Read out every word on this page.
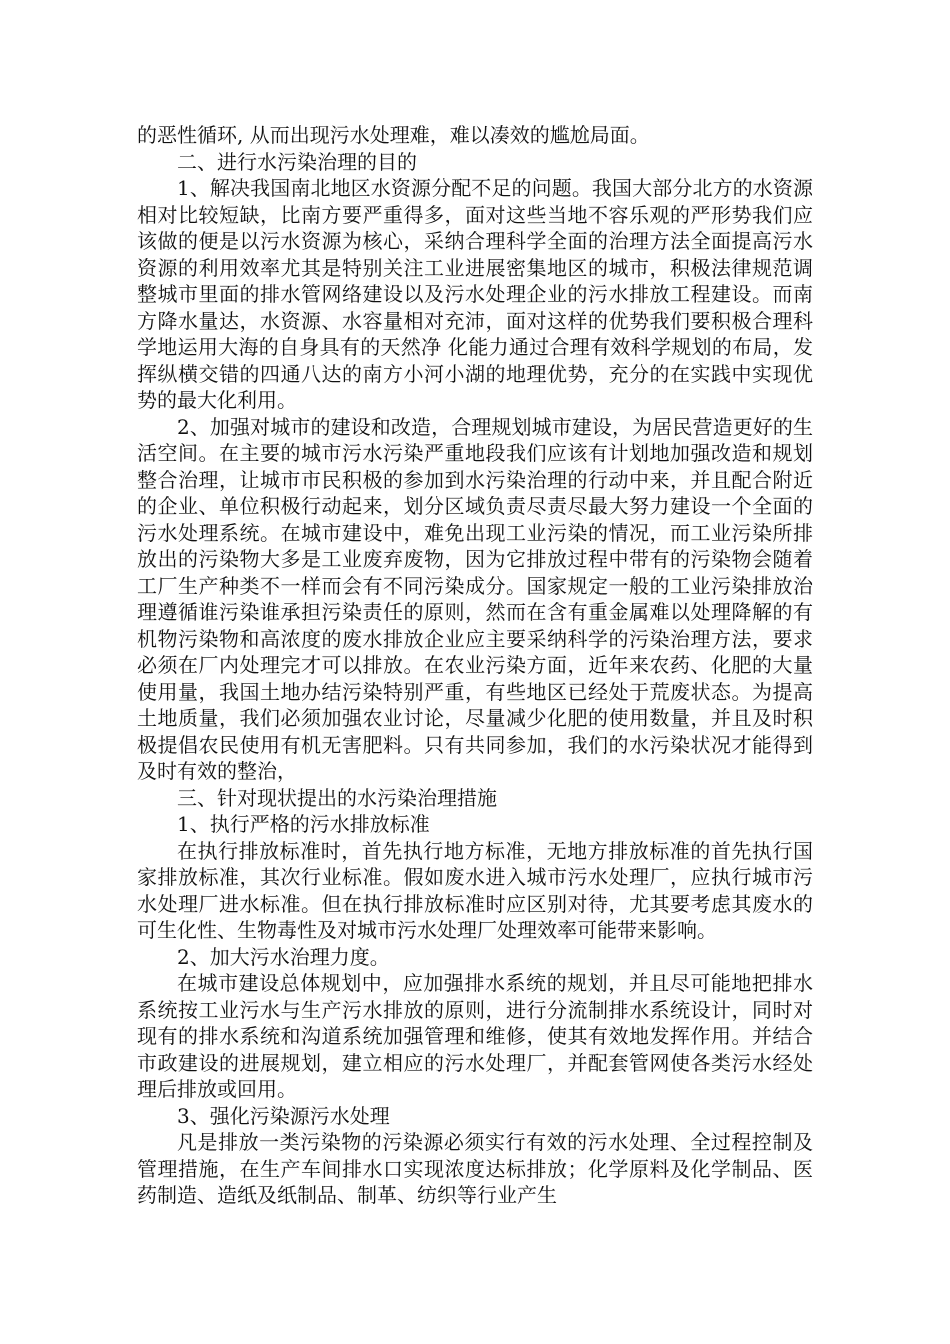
的恶性循环, 从而出现污水处理难，难以凑效的尴尬局面。

二、进行水污染治理的目的

1、解决我国南北地区水资源分配不足的问题。我国大部分北方的水资源相对比较短缺，比南方要严重得多，面对这些当地不容乐观的严形势我们应该做的便是以污水资源为核心，采纳合理科学全面的治理方法全面提高污水资源的利用效率尤其是特别关注工业进展密集地区的城市，积极法律规范调整城市里面的排水管网络建设以及污水处理企业的污水排放工程建设。而南方降水量达，水资源、水容量相对充沛，面对这样的优势我们要积极合理科学地运用大海的自身具有的天然净 化能力通过合理有效科学规划的布局，发挥纵横交错的四通八达的南方小河小湖的地理优势，充分的在实践中实现优势的最大化利用。

2、加强对城市的建设和改造，合理规划城市建设，为居民营造更好的生活空间。在主要的城市污水污染严重地段我们应该有计划地加强改造和规划整合治理，让城市市民积极的参加到水污染治理的行动中来，并且配合附近的企业、单位积极行动起来，划分区域负责尽责尽最大努力建设一个全面的污水处理系统。在城市建设中，难免出现工业污染的情况，而工业污染所排放出的污染物大多是工业废弃废物，因为它排放过程中带有的污染物会随着工厂生产种类不一样而会有不同污染成分。国家规定一般的工业污染排放治理遵循谁污染谁承担污染责任的原则，然而在含有重金属难以处理降解的有机物污染物和高浓度的废水排放企业应主要采纳科学的污染治理方法，要求必须在厂内处理完才可以排放。在农业污染方面，近年来农药、化肥的大量使用量，我国土地办结污染特别严重，有些地区已经处于荒废状态。为提高土地质量，我们必须加强农业讨论，尽量减少化肥的使用数量，并且及时积极提倡农民使用有机无害肥料。只有共同参加，我们的水污染状况才能得到及时有效的整治，

三、针对现状提出的水污染治理措施

1、执行严格的污水排放标准

在执行排放标准时，首先执行地方标准，无地方排放标准的首先执行国家排放标准，其次行业标准。假如废水进入城市污水处理厂，应执行城市污水处理厂进水标准。但在执行排放标准时应区别对待，尤其要考虑其废水的可生化性、生物毒性及对城市污水处理厂处理效率可能带来影响。

2、加大污水治理力度。

在城市建设总体规划中，应加强排水系统的规划，并且尽可能地把排水系统按工业污水与生产污水排放的原则，进行分流制排水系统设计，同时对现有的排水系统和沟道系统加强管理和维修，使其有效地发挥作用。并结合市政建设的进展规划，建立相应的污水处理厂，并配套管网使各类污水经处理后排放或回用。

3、强化污染源污水处理

凡是排放一类污染物的污染源必须实行有效的污水处理、全过程控制及管理措施，在生产车间排水口实现浓度达标排放；化学原料及化学制品、医药制造、造纸及纸制品、制革、纺织等行业产生
